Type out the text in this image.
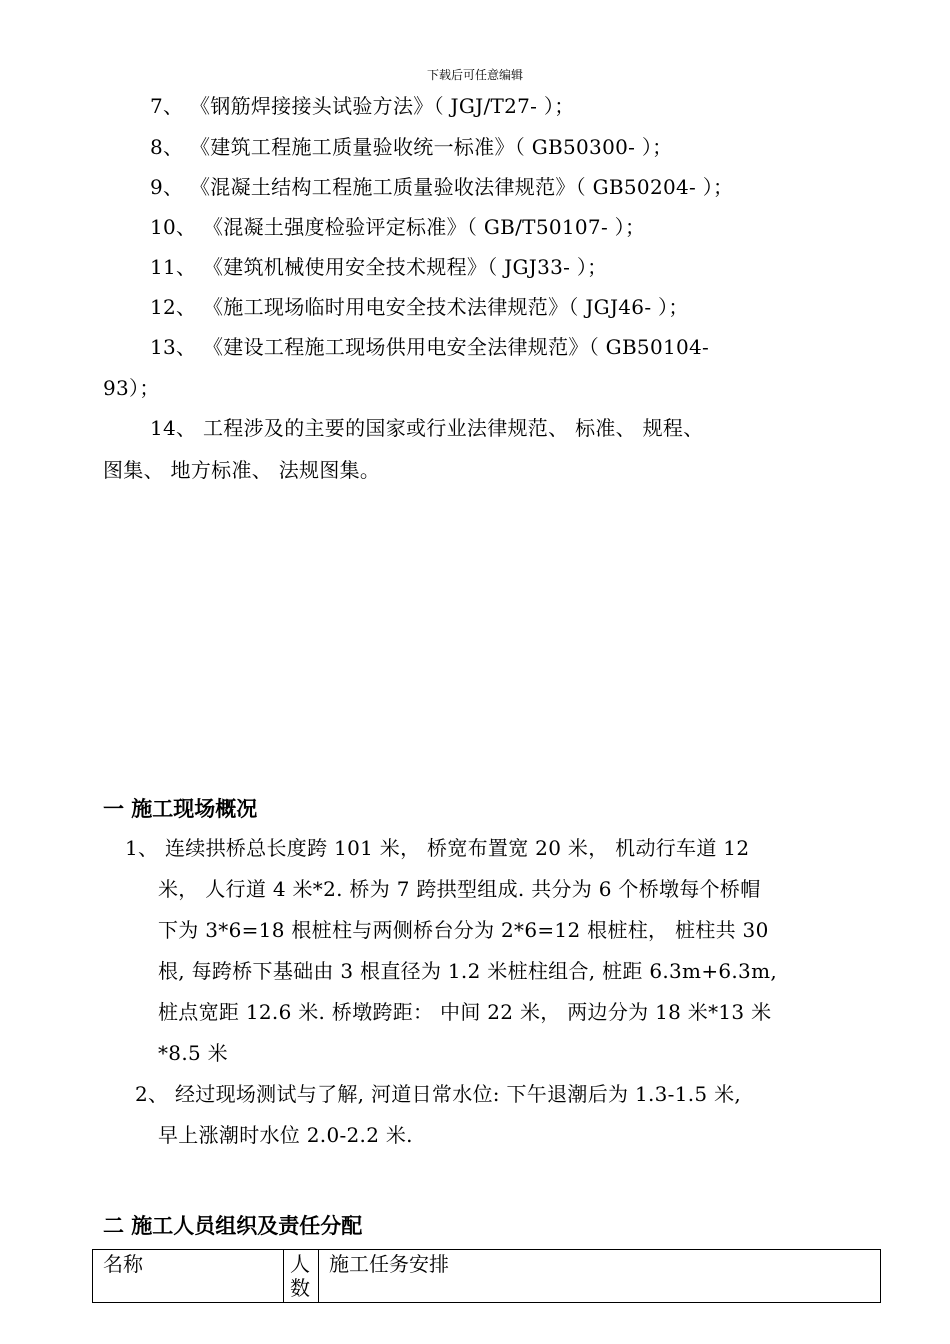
下载后可任意编辑
7、 《钢筋焊接接头试验方法》（ JGJ/T27- ）；
8、 《建筑工程施工质量验收统一标准》（ GB50300- ）；
9、 《混凝土结构工程施工质量验收法律规范》（ GB50204- ）；
10、 《混凝土强度检验评定标准》（ GB/T50107- ）；
11、 《建筑机械使用安全技术规程》（ JGJ33- ）；
12、 《施工现场临时用电安全技术法律规范》（ JGJ46- ）；
13、 《建设工程施工现场供用电安全法律规范》（ GB50104-
93）；
14、 工程涉及的主要的国家或行业法律规范、 标准、 规程、
图集、 地方标准、 法规图集。
一 施工现场概况
1、 连续拱桥总长度跨 101 米， 桥宽布置宽 20 米， 机动行车道 12
米， 人行道 4 米*2. 桥为 7 跨拱型组成. 共分为 6 个桥墩每个桥帽
下为 3*6=18 根桩柱与两侧桥台分为 2*6=12 根桩柱， 桩柱共 30
根, 每跨桥下基础由 3 根直径为 1.2 米桩柱组合, 桩距 6.3m+6.3m,
桩点宽距 12.6 米. 桥墩跨距： 中间 22 米， 两边分为 18 米*13 米
*8.5 米
2、 经过现场测试与了解, 河道日常水位: 下午退潮后为 1.3-1.5 米,
早上涨潮时水位 2.0-2.2 米.
二 施工人员组织及责任分配
名称	人数	施工任务安排
